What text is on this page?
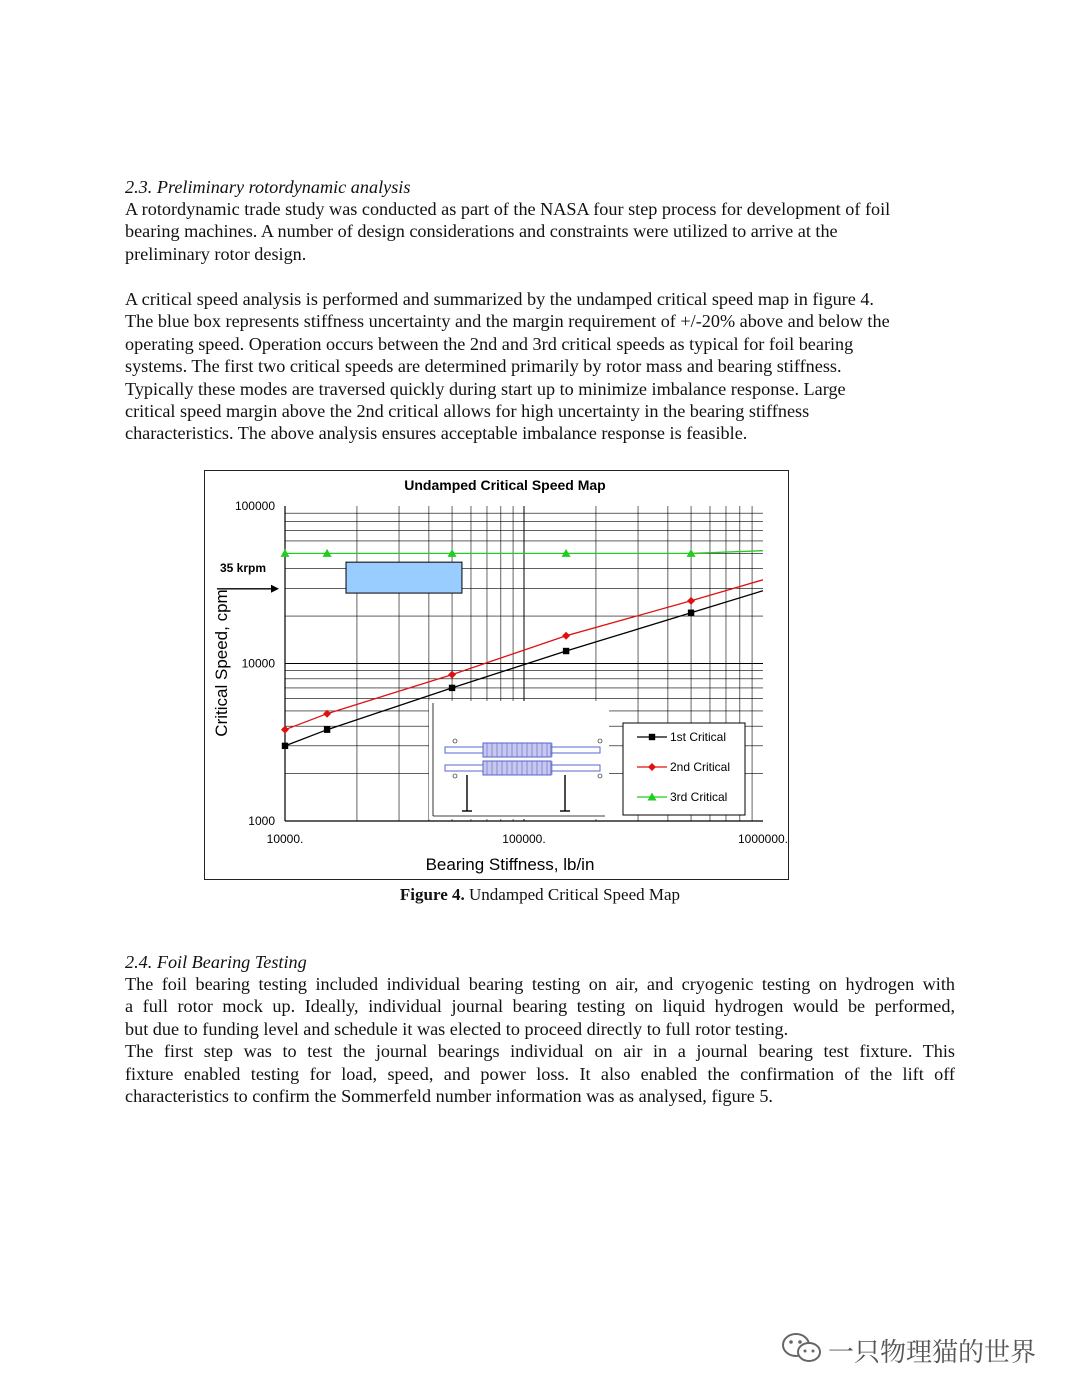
2.3. Preliminary rotordynamic analysis
A rotordynamic trade study was conducted as part of the NASA four step process for development of foil
bearing machines. A number of design considerations and constraints were utilized to arrive at the
preliminary rotor design.
A critical speed analysis is performed and summarized by the undamped critical speed map in figure 4.
The blue box represents stiffness uncertainty and the margin requirement of +/-20% above and below the
operating speed. Operation occurs between the 2nd and 3rd critical speeds as typical for foil bearing
systems. The first two critical speeds are determined primarily by rotor mass and bearing stiffness.
Typically these modes are traversed quickly during start up to minimize imbalance response. Large
critical speed margin above the 2nd critical allows for high uncertainty in the bearing stiffness
characteristics. The above analysis ensures acceptable imbalance response is feasible.
Undamped Critical Speed Map
10000.	100000.	1000000.
1000
10000
100000
35 krpm
1st Critical
2nd Critical
3rd Critical
Bearing Stiffness, lb/in
Critical Speed, cpm
Figure 4. Undamped Critical Speed Map
2.4. Foil Bearing Testing
The foil bearing testing included individual bearing testing on air, and cryogenic testing on hydrogen with
a full rotor mock up. Ideally, individual journal bearing testing on liquid hydrogen would be performed,
but due to funding level and schedule it was elected to proceed directly to full rotor testing.
The first step was to test the journal bearings individual on air in a journal bearing test fixture. This
fixture enabled testing for load, speed, and power loss. It also enabled the confirmation of the lift off
characteristics to confirm the Sommerfeld number information was as analysed, figure 5.
一只物理猫的世界
